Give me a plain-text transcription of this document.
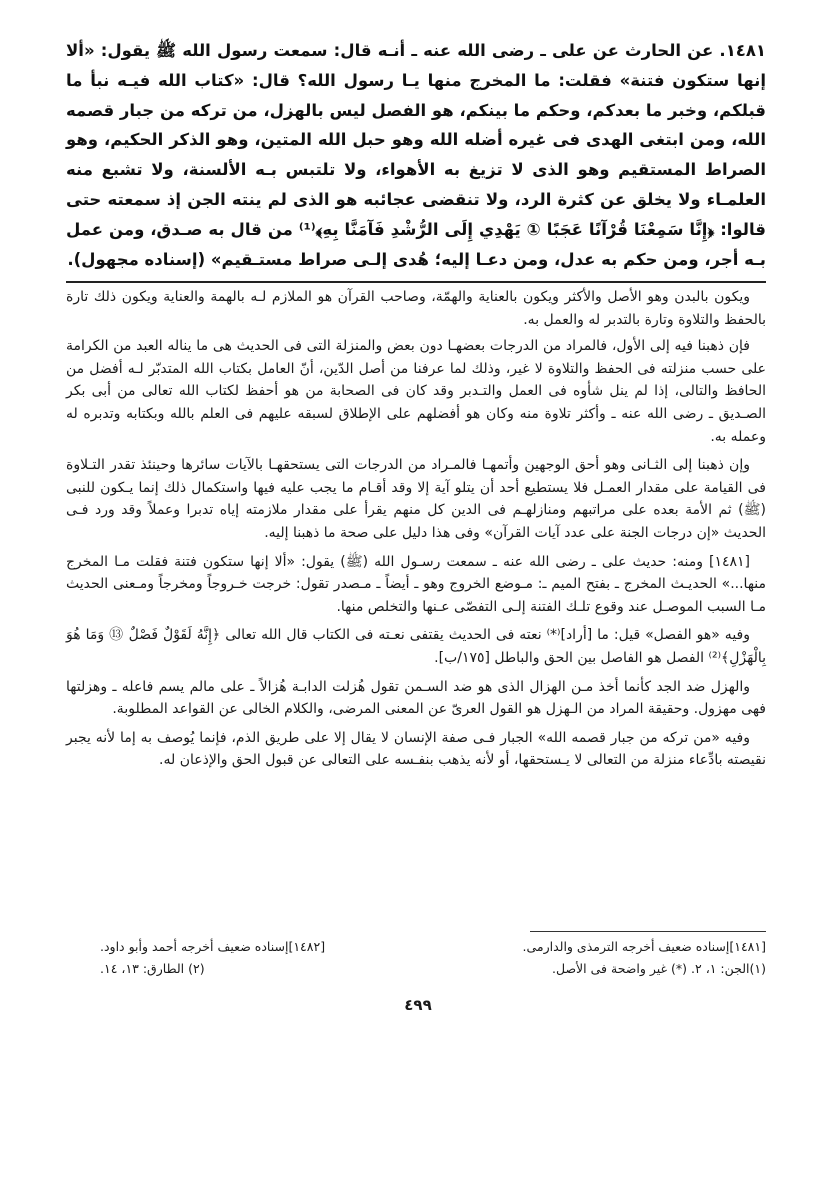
١٤٨١. عن الحارث عن على ـ رضى الله عنه ـ أنـه قال: سمعت رسول الله ﷺ يقول: «ألا إنها ستكون فتنة» فقلت: ما المخرج منها يـا رسول الله؟ قال: «كتاب الله فيـه نبأ ما قبلكم، وخبر ما بعدكم، وحكم ما بينكم، هو الفصل ليس بالهزل، من تركه من جبار قصمه الله، ومن ابتغى الهدى فى غيره أضله الله وهو حبل الله المتين، وهو الذكر الحكيم، وهو الصراط المستقيم وهو الذى لا تزيغ به الأهواء، ولا تلتبس بـه الألسنة، ولا تشبع منه العلمـاء ولا يخلق عن كثرة الرد، ولا تنقضى عجائبه هو الذى لم ينته الجن إذ سمعته حتى قالوا: ﴿إِنَّا سَمِعْنَا قُرْآنًا عَجَبًا ① يَهْدِي إِلَى الرُّشْدِ فَآمَنَّا بِهِ﴾⁽¹⁾ من قال به صـدق، ومن عمل بـه أجر، ومن حكم به عدل، ومن دعـا إليه؛ هُدى إلـى صراط مستـقيم» (إسناده مجهول).

ويكون بالبدن وهو الأصل والأكثر ويكون بالعناية والهمّة، وصاحب القرآن هو الملازم لـه بالهمة والعناية ويكون ذلك تارة بالحفظ والتلاوة وتارة بالتدبر له والعمل به.

فإن ذهبنا فيه إلى الأول، فالمراد من الدرجات بعضهـا دون بعض والمنزلة التى فى الحديث هى ما يناله العبد من الكرامة على حسب منزلته فى الحفظ والتلاوة لا غير، وذلك لما عرفنا من أصل الدّين، أنّ العامل بكتاب الله المتدبّر لـه أفضل من الحافظ والتالى، إذا لم ينل شأوه فى العمل والتـدبر وقد كان فى الصحابة من هو أحفظ لكتاب الله تعالى من أبى بكر الصـديق ـ رضى الله عنه ـ وأكثر تلاوة منه وكان هو أفضلهم على الإطلاق لسبقه عليهم فى العلم بالله وبكتابه وتدبره له وعمله به.

وإن ذهبنا إلى الثـانى وهو أحق الوجهين وأتمهـا فالمـراد من الدرجات التى يستحقهـا بالآيات سائرها وحينئذ تقدر التـلاوة فى القيامة على مقدار العمـل فلا يستطيع أحد أن يتلو آية إلا وقد أقـام ما يجب عليه فيها واستكمال ذلك إنما يـكون للنبى (ﷺ) ثم الأمة بعده على مراتبهم ومنازلهـم فى الدين كل منهم يقرأ على مقدار ملازمته إياه تدبرا وعملاً وقد ورد فـى الحديث «إن درجات الجنة على عدد آيات القرآن» وفى هذا دليل على صحة ما ذهبنا إليه.

[١٤٨١] ومنه: حديث على ـ رضى الله عنه ـ سمعت رسـول الله (ﷺ) يقول: «ألا إنها ستكون فتنة فقلت مـا المخرج منها...» الحديـث المخرج ـ بفتح الميم ـ: مـوضع الخروج وهو ـ أيضاً ـ مـصدر تقول: خرجت خـروجاً ومخرجاً ومـعنى الحديث مـا السبب الموصـل عند وقوع تلـك الفتنة إلـى التفصّى عـنها والتخلص منها.

وفيه «هو الفصل» قيل: ما [أراد]⁽*⁾ نعته فى الحديث يقتفى نعـته فى الكتاب قال الله تعالى ﴿إِنَّهُ لَقَوْلٌ فَصْلٌ ⑬ وَمَا هُوَ بِالْهَزْلِ﴾⁽²⁾ الفصل هو الفاصل بين الحق والباطل [١٧٥/ب].

والهزل ضد الجد كأنما أخذ مـن الهزال الذى هو ضد السـمن تقول هُزلت الدابـة هُزالاً ـ على مالم يسم فاعله ـ وهزلتها فهى مهزول. وحقيقة المراد من الـهزل هو القول العرىّ عن المعنى المرضى، والكلام الخالى عن القواعد المطلوبة.

وفيه «من تركه من جبار قصمه الله» الجبار فـى صفة الإنسان لا يقال إلا على طريق الذم، فإنما يُوصف به إما لأنه يجبر نقيصته بادِّعاء منزلة من التعالى لا يـستحقها، أو لأنه يذهب بنفـسه على التعالى عن قبول الحق والإذعان له.

[١٤٨١]إسناده ضعيف أخرجه الترمذى والدارمى.
[١٤٨٢]إسناده ضعيف أخرجه أحمد وأبو داود.
(١)الجن: ١، ٢. (*) غير واضحة فى الأصل.
(٢) الطارق: ١٣، ١٤.
٤٩٩
